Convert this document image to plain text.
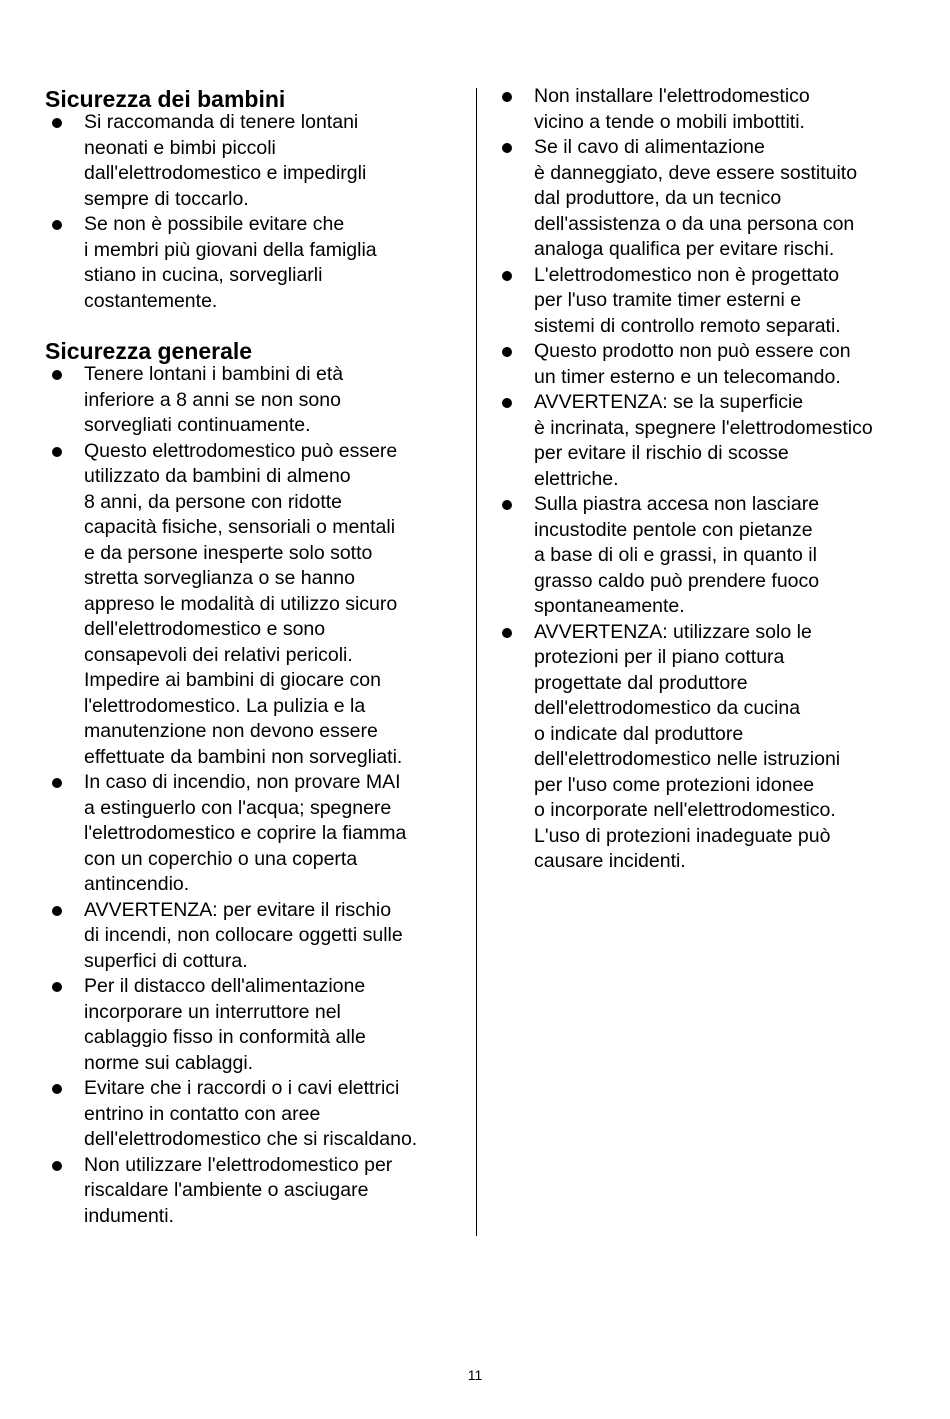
Sicurezza dei bambini
Si raccomanda di tenere lontani
neonati e bimbi piccoli
dall'elettrodomestico e impedirgli
sempre di toccarlo.
Se non è possibile evitare che
i membri più giovani della famiglia
stiano in cucina, sorvegliarli
costantemente.
Sicurezza generale
Tenere lontani i bambini di età
inferiore a 8 anni se non sono
sorvegliati continuamente.
Questo elettrodomestico può essere
utilizzato da bambini di almeno
8 anni, da persone con ridotte
capacità fisiche, sensoriali o mentali
e da persone inesperte solo sotto
stretta sorveglianza o se hanno
appreso le modalità di utilizzo sicuro
dell'elettrodomestico e sono
consapevoli dei relativi pericoli.
Impedire ai bambini di giocare con
l'elettrodomestico. La pulizia e la
manutenzione non devono essere
effettuate da bambini non sorvegliati.
In caso di incendio, non provare MAI
a estinguerlo con l'acqua; spegnere
l'elettrodomestico e coprire la fiamma
con un coperchio o una coperta
antincendio.
AVVERTENZA: per evitare il rischio
di incendi, non collocare oggetti sulle
superfici di cottura.
Per il distacco dell'alimentazione
incorporare un interruttore nel
cablaggio fisso in conformità alle
norme sui cablaggi.
Evitare che i raccordi o i cavi elettrici
entrino in contatto con aree
dell'elettrodomestico che si riscaldano.
Non utilizzare l'elettrodomestico per
riscaldare l'ambiente o asciugare
indumenti.
Non installare l'elettrodomestico
vicino a tende o mobili imbottiti.
Se il cavo di alimentazione
è danneggiato, deve essere sostituito
dal produttore, da un tecnico
dell'assistenza o da una persona con
analoga qualifica per evitare rischi.
L'elettrodomestico non è progettato
per l'uso tramite timer esterni e
sistemi di controllo remoto separati.
Questo prodotto non può essere con
un timer esterno e un telecomando.
AVVERTENZA: se la superficie
è incrinata, spegnere l'elettrodomestico
per evitare il rischio di scosse
elettriche.
Sulla piastra accesa non lasciare
incustodite pentole con pietanze
a base di oli e grassi, in quanto il
grasso caldo può prendere fuoco
spontaneamente.
AVVERTENZA: utilizzare solo le
protezioni per il piano cottura
progettate dal produttore
dell'elettrodomestico da cucina
o indicate dal produttore
dell'elettrodomestico nelle istruzioni
per l'uso come protezioni idonee
o incorporate nell'elettrodomestico.
L'uso di protezioni inadeguate può
causare incidenti.
11
